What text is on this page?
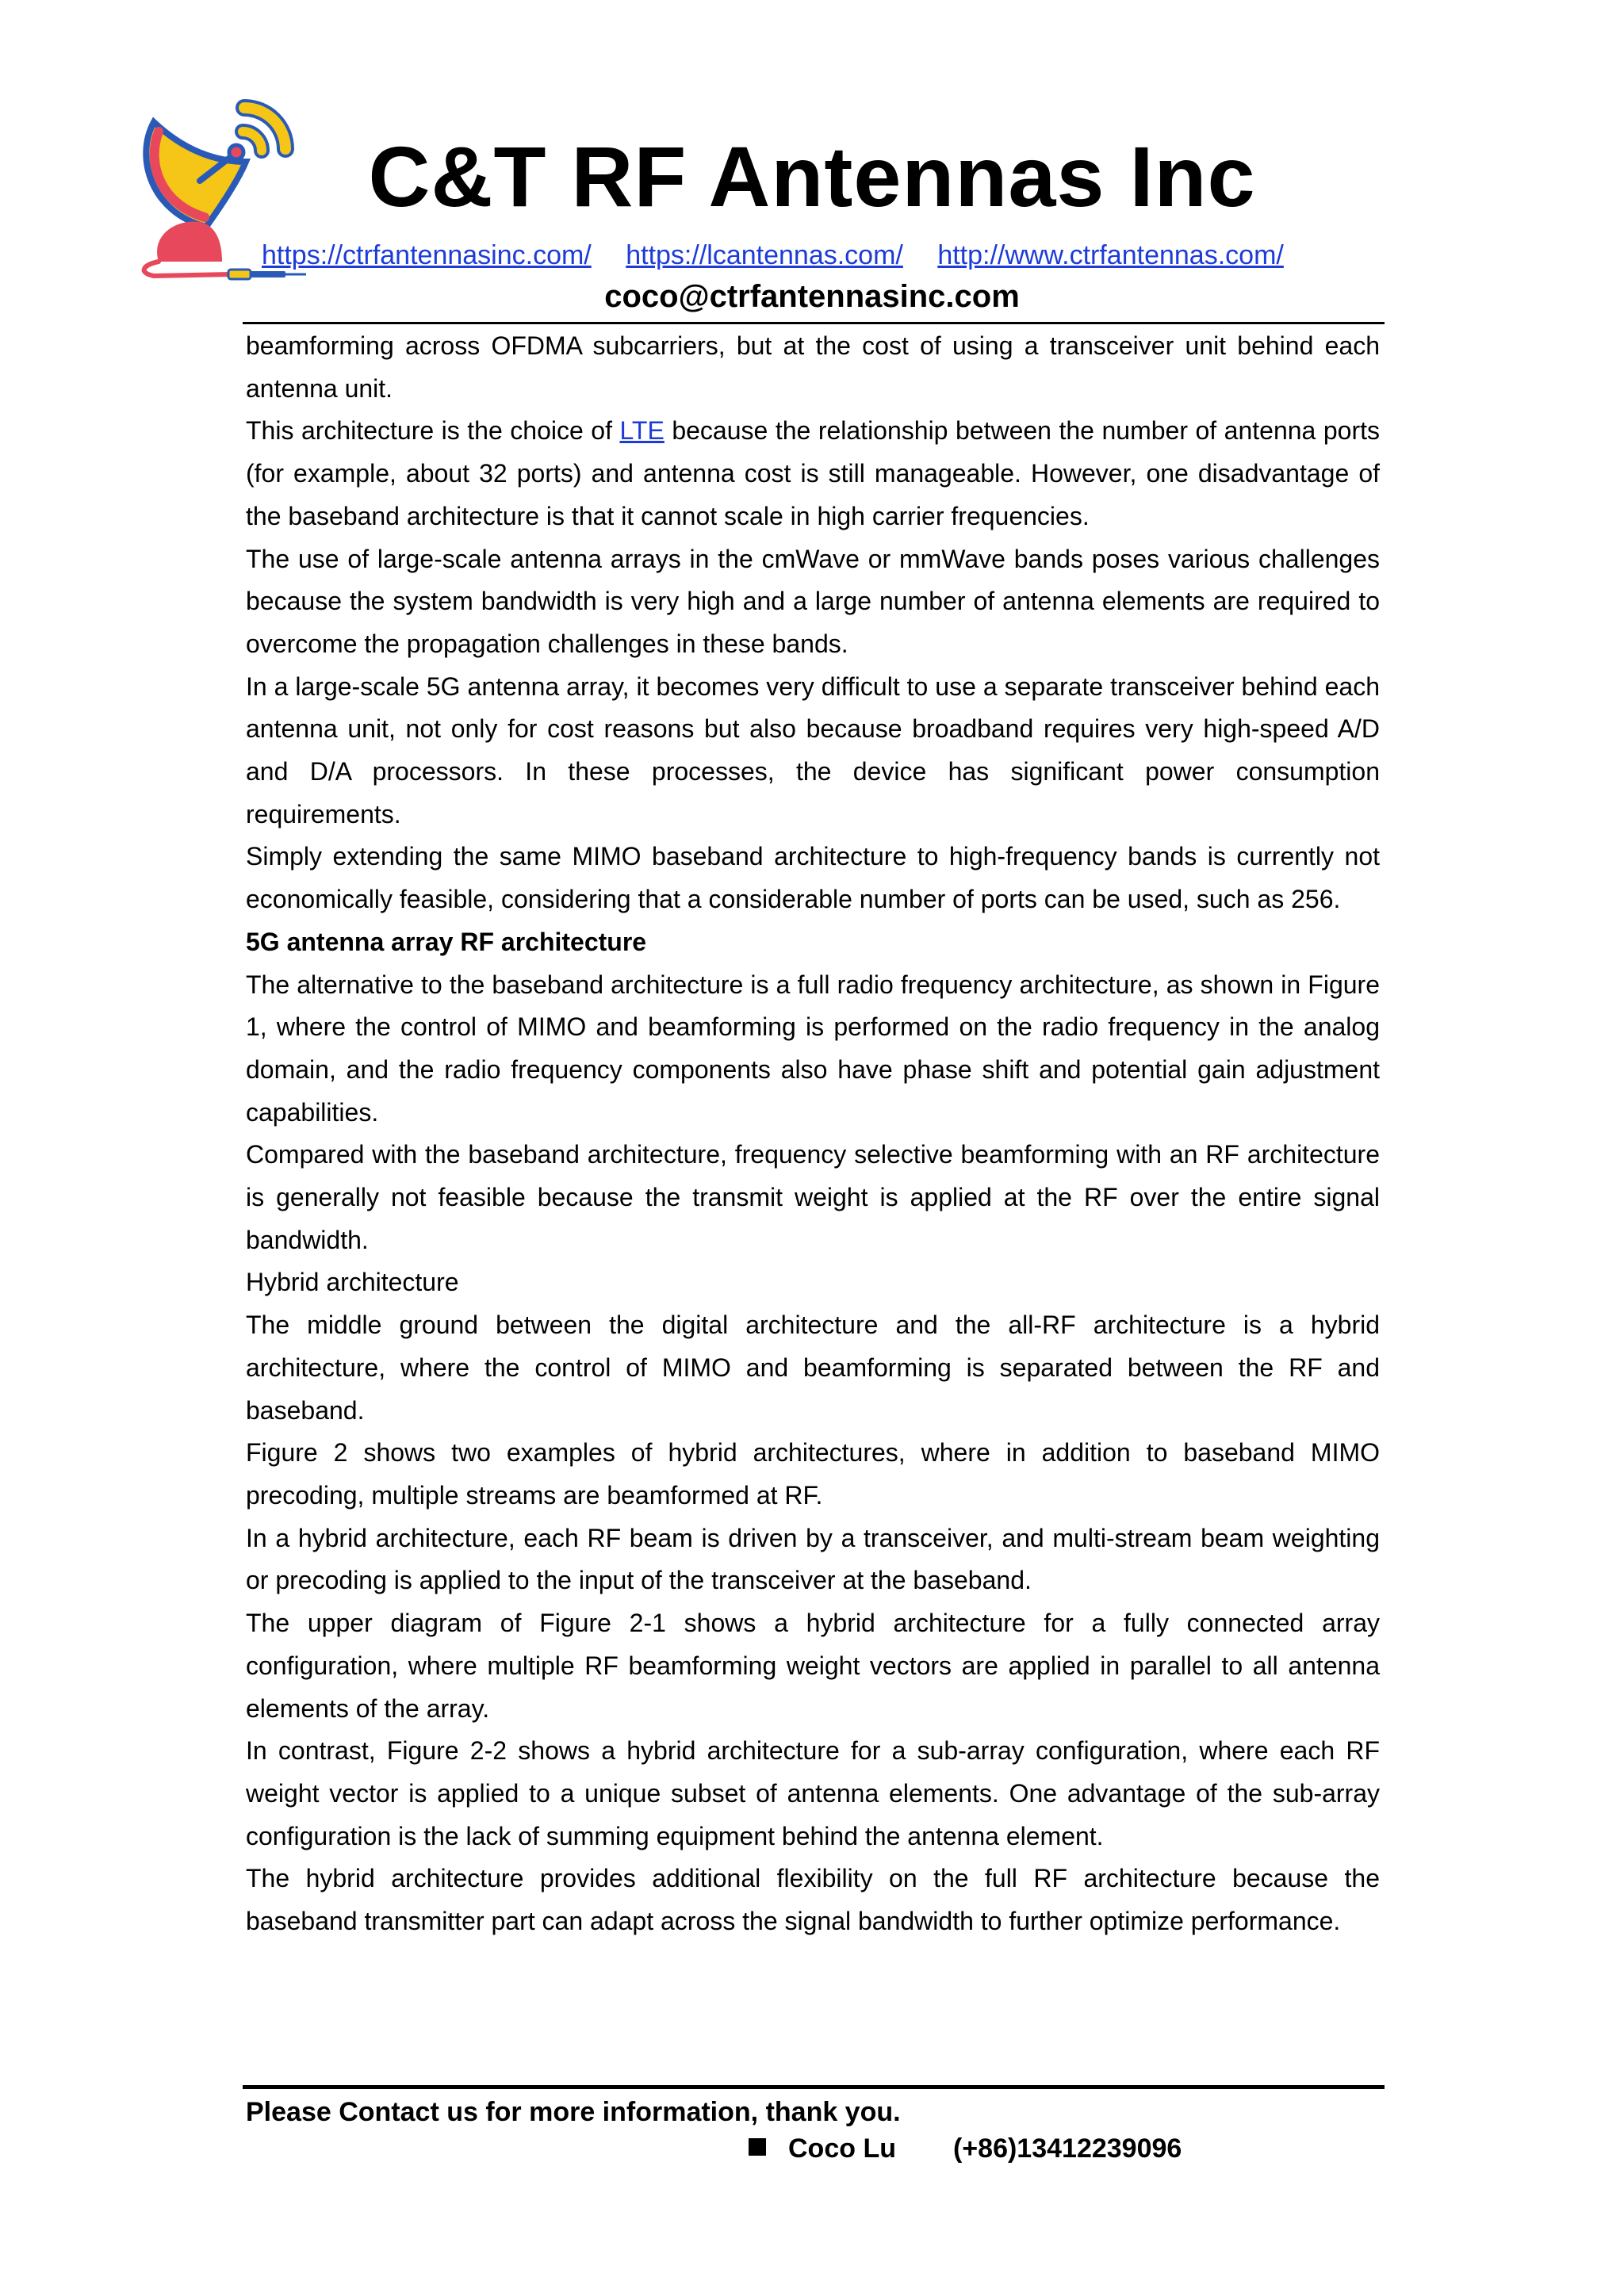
C&T RF Antennas Inc
https://ctrfantennasinc.com/ https://lcantennas.com/ http://www.ctrfantennas.com/
coco@ctrfantennasinc.com

beamforming across OFDMA subcarriers, but at the cost of using a transceiver unit behind each antenna unit.

This architecture is the choice of LTE because the relationship between the number of antenna ports (for example, about 32 ports) and antenna cost is still manageable. However, one disadvantage of the baseband architecture is that it cannot scale in high carrier frequencies.

The use of large-scale antenna arrays in the cmWave or mmWave bands poses various challenges because the system bandwidth is very high and a large number of antenna elements are required to overcome the propagation challenges in these bands.

In a large-scale 5G antenna array, it becomes very difficult to use a separate transceiver behind each antenna unit, not only for cost reasons but also because broadband requires very high-speed A/D and D/A processors. In these processes, the device has significant power consumption requirements.

Simply extending the same MIMO baseband architecture to high-frequency bands is currently not economically feasible, considering that a considerable number of ports can be used, such as 256.

5G antenna array RF architecture

The alternative to the baseband architecture is a full radio frequency architecture, as shown in Figure 1, where the control of MIMO and beamforming is performed on the radio frequency in the analog domain, and the radio frequency components also have phase shift and potential gain adjustment capabilities.

Compared with the baseband architecture, frequency selective beamforming with an RF architecture is generally not feasible because the transmit weight is applied at the RF over the entire signal bandwidth.

Hybrid architecture

The middle ground between the digital architecture and the all-RF architecture is a hybrid architecture, where the control of MIMO and beamforming is separated between the RF and baseband.

Figure 2 shows two examples of hybrid architectures, where in addition to baseband MIMO precoding, multiple streams are beamformed at RF.

In a hybrid architecture, each RF beam is driven by a transceiver, and multi-stream beam weighting or precoding is applied to the input of the transceiver at the baseband.

The upper diagram of Figure 2-1 shows a hybrid architecture for a fully connected array configuration, where multiple RF beamforming weight vectors are applied in parallel to all antenna elements of the array.

In contrast, Figure 2-2 shows a hybrid architecture for a sub-array configuration, where each RF weight vector is applied to a unique subset of antenna elements. One advantage of the sub-array configuration is the lack of summing equipment behind the antenna element.

The hybrid architecture provides additional flexibility on the full RF architecture because the baseband transmitter part can adapt across the signal bandwidth to further optimize performance.

Please Contact us for more information, thank you.
Coco Lu (+86)13412239096
